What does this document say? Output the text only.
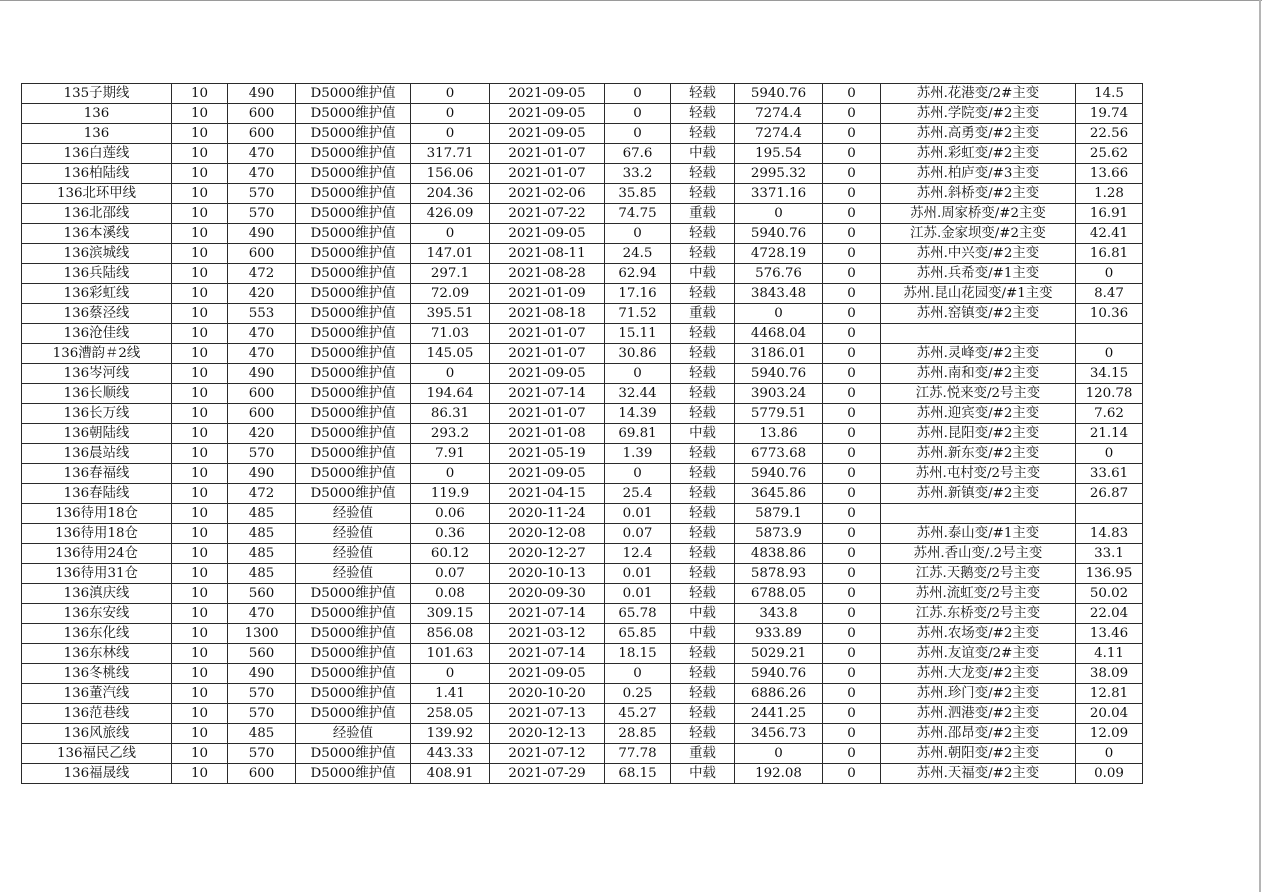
135子期线	10	490	D5000维护值	0	2021-09-05	0	轻载	5940.76	0	苏州.花港变/2#主变	14.5
136	10	600	D5000维护值	0	2021-09-05	0	轻载	7274.4	0	苏州.学院变/#2主变	19.74
136	10	600	D5000维护值	0	2021-09-05	0	轻载	7274.4	0	苏州.高勇变/#2主变	22.56
136白莲线	10	470	D5000维护值	317.71	2021-01-07	67.6	中载	195.54	0	苏州.彩虹变/#2主变	25.62
136柏陆线	10	470	D5000维护值	156.06	2021-01-07	33.2	轻载	2995.32	0	苏州.柏庐变/#3主变	13.66
136北环甲线	10	570	D5000维护值	204.36	2021-02-06	35.85	轻载	3371.16	0	苏州.斜桥变/#2主变	1.28
136北邵线	10	570	D5000维护值	426.09	2021-07-22	74.75	重载	0	0	苏州.周家桥变/#2主变	16.91
136本溪线	10	490	D5000维护值	0	2021-09-05	0	轻载	5940.76	0	江苏.金家坝变/#2主变	42.41
136滨城线	10	600	D5000维护值	147.01	2021-08-11	24.5	轻载	4728.19	0	苏州.中兴变/#2主变	16.81
136兵陆线	10	472	D5000维护值	297.1	2021-08-28	62.94	中载	576.76	0	苏州.兵希变/#1主变	0
136彩虹线	10	420	D5000维护值	72.09	2021-01-09	17.16	轻载	3843.48	0	苏州.昆山花园变/#1主变	8.47
136蔡泾线	10	553	D5000维护值	395.51	2021-08-18	71.52	重载	0	0	苏州.窑镇变/#2主变	10.36
136沧佳线	10	470	D5000维护值	71.03	2021-01-07	15.11	轻载	4468.04	0		
136漕韵＃2线	10	470	D5000维护值	145.05	2021-01-07	30.86	轻载	3186.01	0	苏州.灵峰变/#2主变	0
136岑河线	10	490	D5000维护值	0	2021-09-05	0	轻载	5940.76	0	苏州.南和变/#2主变	34.15
136长顺线	10	600	D5000维护值	194.64	2021-07-14	32.44	轻载	3903.24	0	江苏.悦来变/2号主变	120.78
136长万线	10	600	D5000维护值	86.31	2021-01-07	14.39	轻载	5779.51	0	苏州.迎宾变/#2主变	7.62
136朝陆线	10	420	D5000维护值	293.2	2021-01-08	69.81	中载	13.86	0	苏州.昆阳变/#2主变	21.14
136晨站线	10	570	D5000维护值	7.91	2021-05-19	1.39	轻载	6773.68	0	苏州.新东变/#2主变	0
136春福线	10	490	D5000维护值	0	2021-09-05	0	轻载	5940.76	0	苏州.屯村变/2号主变	33.61
136春陆线	10	472	D5000维护值	119.9	2021-04-15	25.4	轻载	3645.86	0	苏州.新镇变/#2主变	26.87
136待用18仓	10	485	经验值	0.06	2020-11-24	0.01	轻载	5879.1	0		
136待用18仓	10	485	经验值	0.36	2020-12-08	0.07	轻载	5873.9	0	苏州.泰山变/#1主变	14.83
136待用24仓	10	485	经验值	60.12	2020-12-27	12.4	轻载	4838.86	0	苏州.香山变/.2号主变	33.1
136待用31仓	10	485	经验值	0.07	2020-10-13	0.01	轻载	5878.93	0	江苏.天鹅变/2号主变	136.95
136滇庆线	10	560	D5000维护值	0.08	2020-09-30	0.01	轻载	6788.05	0	苏州.流虹变/2号主变	50.02
136东安线	10	470	D5000维护值	309.15	2021-07-14	65.78	中载	343.8	0	江苏.东桥变/2号主变	22.04
136东化线	10	1300	D5000维护值	856.08	2021-03-12	65.85	中载	933.89	0	苏州.农场变/#2主变	13.46
136东林线	10	560	D5000维护值	101.63	2021-07-14	18.15	轻载	5029.21	0	苏州.友谊变/2#主变	4.11
136冬桃线	10	490	D5000维护值	0	2021-09-05	0	轻载	5940.76	0	苏州.大龙变/#2主变	38.09
136董汽线	10	570	D5000维护值	1.41	2020-10-20	0.25	轻载	6886.26	0	苏州.珍门变/#2主变	12.81
136范巷线	10	570	D5000维护值	258.05	2021-07-13	45.27	轻载	2441.25	0	苏州.泗港变/#2主变	20.04
136风旅线	10	485	经验值	139.92	2020-12-13	28.85	轻载	3456.73	0	苏州.邵昂变/#2主变	12.09
136福民乙线	10	570	D5000维护值	443.33	2021-07-12	77.78	重载	0	0	苏州.朝阳变/#2主变	0
136福晟线	10	600	D5000维护值	408.91	2021-07-29	68.15	中载	192.08	0	苏州.天福变/#2主变	0.09
